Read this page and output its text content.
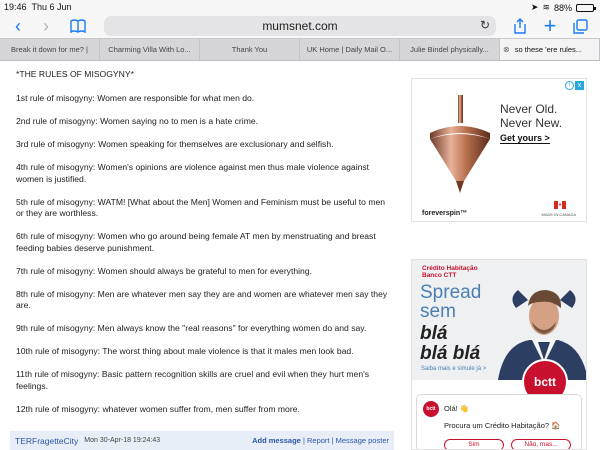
19:46 Thu 6 Jun	➤ ≋ 88%
‹	›	mumsnet.com	↻ +
Break it down for me? |	Charming Villa With Lo...	Thank You	UK Home | Daily Mail O... Julie Bindel physically... ⊗ so these 'ere rules...

*THE RULES OF MISOGYNY*

1st rule of misogyny: Women are responsible for what men do.

2nd rule of misogyny: Women saying no to men is a hate crime.

3rd rule of misogyny: Women speaking for themselves are exclusionary and selfish.

4th rule of misogyny: Women's opinions are violence against men thus male violence against women is justified.

5th rule of misogyny: WATM! [What about the Men] Women and Feminism must be useful to men or they are worthless.

6th rule of misogyny: Women who go around being female AT men by menstruating and breast feeding babies deserve punishment.

7th rule of misogyny: Women should always be grateful to men for everything.

8th rule of misogyny: Men are whatever men say they are and women are whatever men say they are.

9th rule of misogyny: Men always know the "real reasons" for everything women do and say.

10th rule of misogyny: The worst thing about male violence is that it males men look bad.

11th rule of misogyny: Basic pattern recognition skills are cruel and evil when they hurt men's feelings.

12th rule of misogyny: whatever women suffer from, men suffer from more.

TERFragetteCity Mon 30-Apr-18 19:24:43	Add message | Report | Message poster
i	x
Never Old.
Never New.
Get yours >
foreverspin™
♦
MADE IN CANADA
Crédito Habitação
Banco CTT
Spread
sem
blá
blá blá
Saiba mais e simule já >
bctt
bctt	Olá! 👋
Procura um Crédito Habitação? 🏠
Sim	Não, mas...
